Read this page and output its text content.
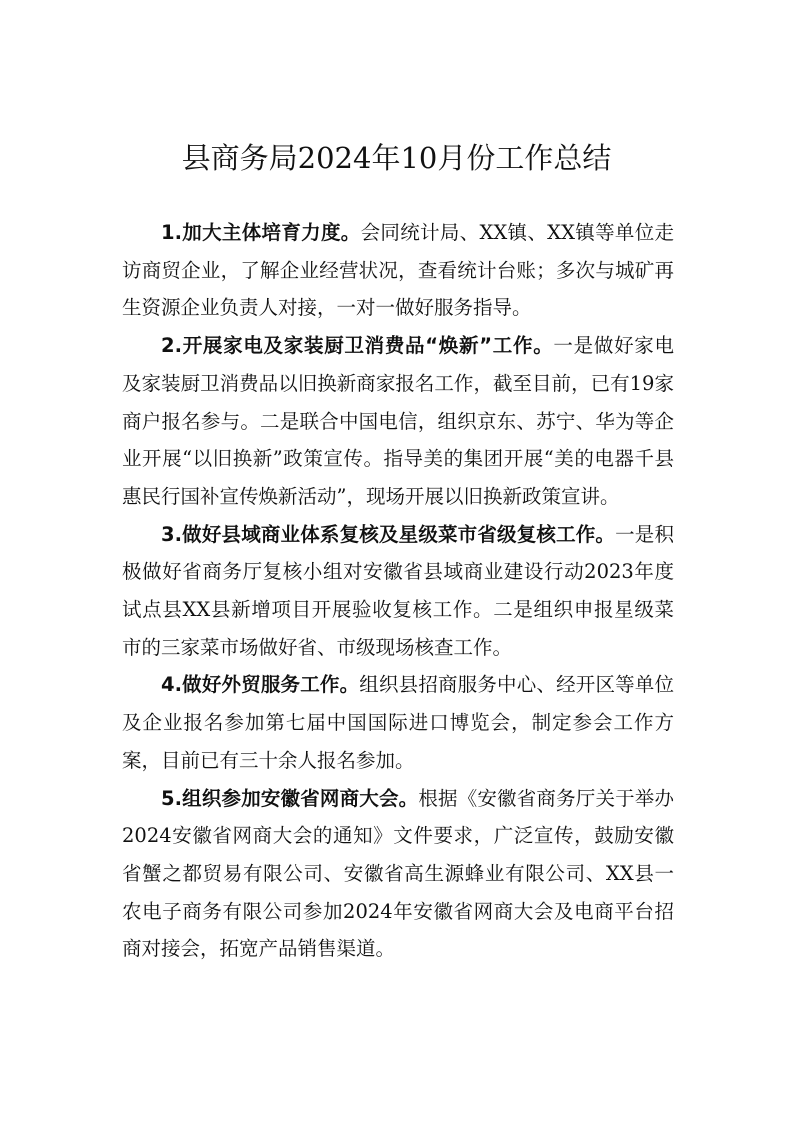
县商务局2024年10月份工作总结

1.加大主体培育力度。会同统计局、XX镇、XX镇等单位走访商贸企业，了解企业经营状况，查看统计台账；多次与城矿再生资源企业负责人对接，一对一做好服务指导。

2.开展家电及家装厨卫消费品“焕新”工作。一是做好家电及家装厨卫消费品以旧换新商家报名工作，截至目前，已有19家商户报名参与。二是联合中国电信，组织京东、苏宁、华为等企业开展“以旧换新”政策宣传。指导美的集团开展“美的电器千县惠民行国补宣传焕新活动”，现场开展以旧换新政策宣讲。

3.做好县域商业体系复核及星级菜市省级复核工作。一是积极做好省商务厅复核小组对安徽省县域商业建设行动2023年度试点县XX县新增项目开展验收复核工作。二是组织申报星级菜市的三家菜市场做好省、市级现场核查工作。

4.做好外贸服务工作。组织县招商服务中心、经开区等单位及企业报名参加第七届中国国际进口博览会，制定参会工作方案，目前已有三十余人报名参加。

5.组织参加安徽省网商大会。根据《安徽省商务厅关于举办2024安徽省网商大会的通知》文件要求，广泛宣传，鼓励安徽省蟹之都贸易有限公司、安徽省高生源蜂业有限公司、XX县一农电子商务有限公司参加2024年安徽省网商大会及电商平台招商对接会，拓宽产品销售渠道。
